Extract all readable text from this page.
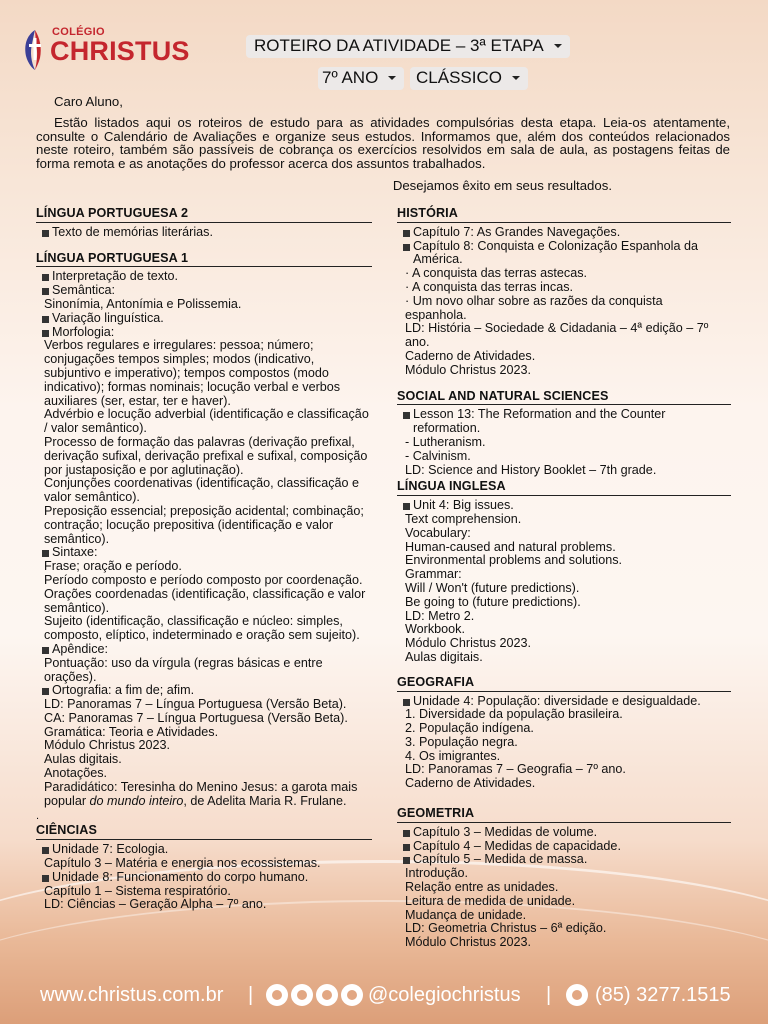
COLÉGIO
CHRISTUS	ROTEIRO DA ATIVIDADE – 3ª ETAPA
7º ANO	CLÁSSICO
Caro Aluno,
Estão listados aqui os roteiros de estudo para as atividades compulsórias desta etapa. Leia-os atentamente, consulte o Calendário de Avaliações e organize seus estudos. Informamos que, além dos conteúdos relacionados neste roteiro, também são passíveis de cobrança os exercícios resolvidos em sala de aula, as postagens feitas de forma remota e as anotações do professor acerca dos assuntos trabalhados.
Desejamos êxito em seus resultados.
LÍNGUA PORTUGUESA 2
Texto de memórias literárias.
LÍNGUA PORTUGUESA 1
Interpretação de texto.
Semântica:
Sinonímia, Antonímia e Polissemia.
Variação linguística.
Morfologia:
Verbos regulares e irregulares: pessoa; número; conjugações tempos simples; modos (indicativo, subjuntivo e imperativo); tempos compostos (modo indicativo); formas nominais; locução verbal e verbos auxiliares (ser, estar, ter e haver).
Advérbio e locução adverbial (identificação e classificação / valor semântico).
Processo de formação das palavras (derivação prefixal, derivação sufixal, derivação prefixal e sufixal, composição por justaposição e por aglutinação).
Conjunções coordenativas (identificação, classificação e valor semântico).
Preposição essencial; preposição acidental; combinação; contração; locução prepositiva (identificação e valor semântico).
Sintaxe:
Frase; oração e período.
Período composto e período composto por coordenação.
Orações coordenadas (identificação, classificação e valor semântico).
Sujeito (identificação, classificação e núcleo: simples, composto, elíptico, indeterminado e oração sem sujeito).
Apêndice:
Pontuação: uso da vírgula (regras básicas e entre orações).
Ortografia: a fim de; afim.
LD: Panoramas 7 – Língua Portuguesa (Versão Beta).
CA: Panoramas 7 – Língua Portuguesa (Versão Beta).
Gramática: Teoria e Atividades.
Módulo Christus 2023.
Aulas digitais.
Anotações.
Paradidático: Teresinha do Menino Jesus: a garota mais popular do mundo inteiro, de Adelita Maria R. Frulane.
.
CIÊNCIAS
Unidade 7: Ecologia.
Capítulo 3 – Matéria e energia nos ecossistemas.
Unidade 8: Funcionamento do corpo humano.
Capítulo 1 – Sistema respiratório.
LD: Ciências – Geração Alpha – 7º ano.
HISTÓRIA
Capítulo 7: As Grandes Navegações.
Capítulo 8: Conquista e Colonização Espanhola da América.
· A conquista das terras astecas.
· A conquista das terras incas.
· Um novo olhar sobre as razões da conquista espanhola.
LD: História – Sociedade & Cidadania – 4ª edição – 7º ano.
Caderno de Atividades.
Módulo Christus 2023.
SOCIAL AND NATURAL SCIENCES
Lesson 13: The Reformation and the Counter reformation.
- Lutheranism.
- Calvinism.
LD: Science and History Booklet – 7th grade.
LÍNGUA INGLESA
Unit 4: Big issues.
Text comprehension.
Vocabulary:
Human-caused and natural problems.
Environmental problems and solutions.
Grammar:
Will / Won't (future predictions).
Be going to (future predictions).
LD: Metro 2.
Workbook.
Módulo Christus 2023.
Aulas digitais.
GEOGRAFIA
Unidade 4: População: diversidade e desigualdade.
1. Diversidade da população brasileira.
2. População indígena.
3. População negra.
4. Os imigrantes.
LD: Panoramas 7 – Geografia – 7º ano.
Caderno de Atividades.
GEOMETRIA
Capítulo 3 – Medidas de volume.
Capítulo 4 – Medidas de capacidade.
Capítulo 5 – Medida de massa.
Introdução.
Relação entre as unidades.
Leitura de medida de unidade.
Mudança de unidade.
LD: Geometria Christus – 6ª edição.
Módulo Christus 2023.
www.christus.com.br |	@colegiochristus | (85) 3277.1515
